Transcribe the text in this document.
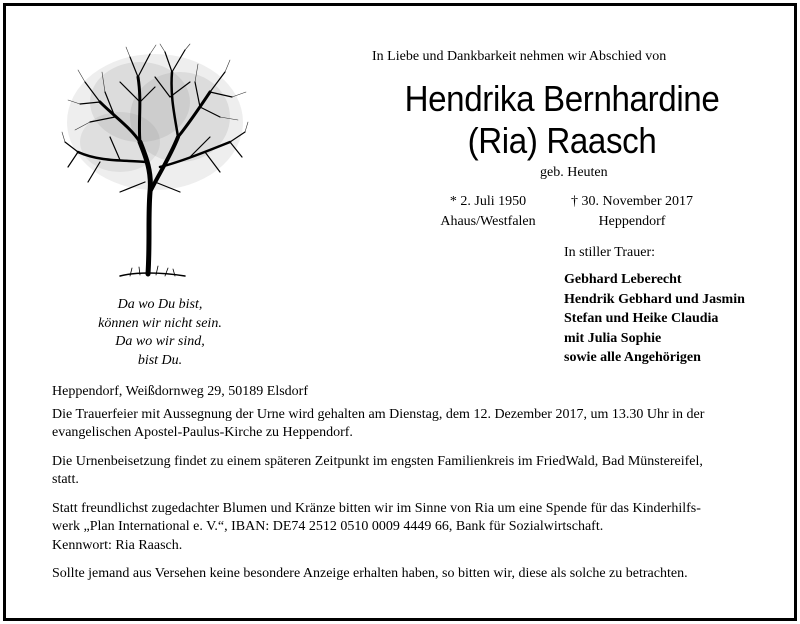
Da wo Du bist,
können wir nicht sein.
Da wo wir sind,
bist Du.
In Liebe und Dankbarkeit nehmen wir Abschied von
Hendrika Bernhardine
(Ria) Raasch
geb. Heuten
* 2. Juli 1950
Ahaus/Westfalen
† 30. November 2017
Heppendorf
In stiller Trauer:
Gebhard Leberecht
Hendrik Gebhard und Jasmin
Stefan und Heike Claudia
mit Julia Sophie
sowie alle Angehörigen

Heppendorf, Weißdornweg 29, 50189 Elsdorf

Die Trauerfeier mit Aussegnung der Urne wird gehalten am Dienstag, dem 12. Dezember 2017, um 13.30 Uhr in der
evangelischen Apostel-Paulus-Kirche zu Heppendorf.

Die Urnenbeisetzung findet zu einem späteren Zeitpunkt im engsten Familienkreis im FriedWald, Bad Münstereifel,
statt.

Statt freundlichst zugedachter Blumen und Kränze bitten wir im Sinne von Ria um eine Spende für das Kinderhilfs-
werk „Plan International e. V.“, IBAN: DE74 2512 0510 0009 4449 66, Bank für Sozialwirtschaft.
Kennwort: Ria Raasch.

Sollte jemand aus Versehen keine besondere Anzeige erhalten haben, so bitten wir, diese als solche zu betrachten.
